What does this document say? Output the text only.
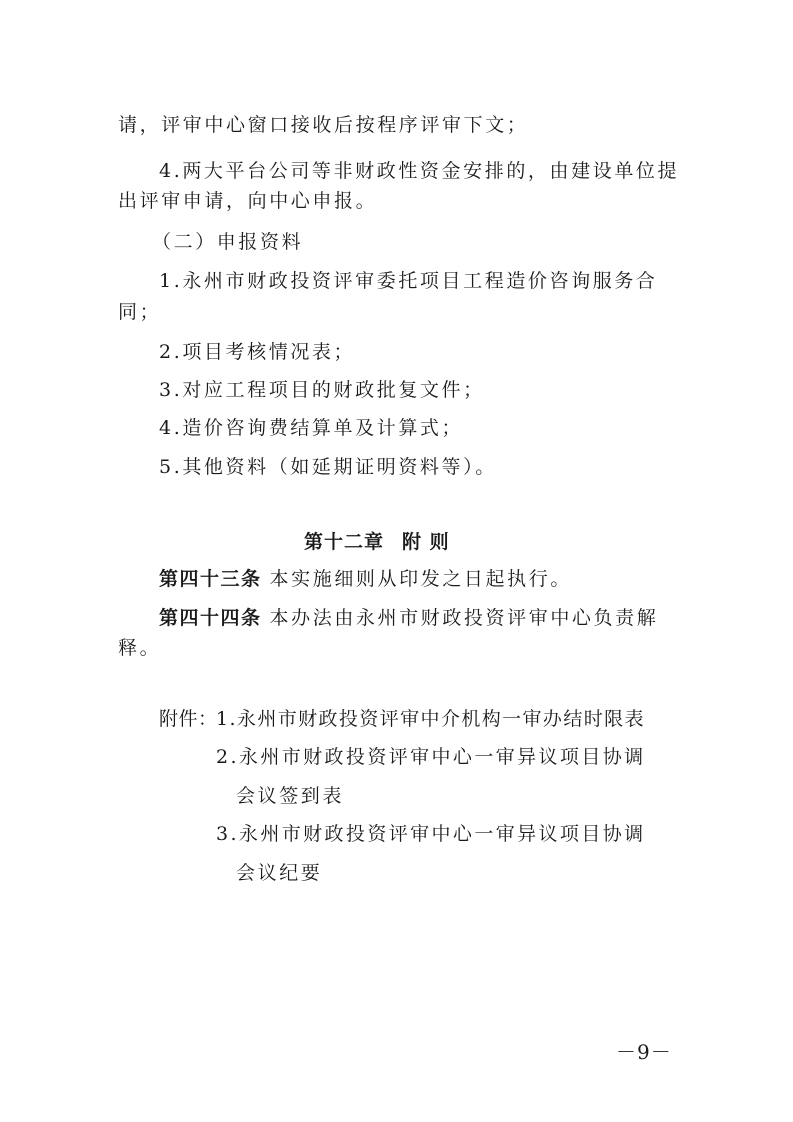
请，评审中心窗口接收后按程序评审下文；
4.两大平台公司等非财政性资金安排的，由建设单位提
出评审申请，向中心申报。
（二）申报资料
1.永州市财政投资评审委托项目工程造价咨询服务合
同；
2.项目考核情况表；
3.对应工程项目的财政批复文件；
4.造价咨询费结算单及计算式；
5.其他资料（如延期证明资料等）。
第十二章 附 则
第四十三条 本实施细则从印发之日起执行。
第四十四条 本办法由永州市财政投资评审中心负责解
释。
附件：
1.永州市财政投资评审中介机构一审办结时限表
2.永州市财政投资评审中心一审异议项目协调
会议签到表
3.永州市财政投资评审中心一审异议项目协调
会议纪要
－9－
